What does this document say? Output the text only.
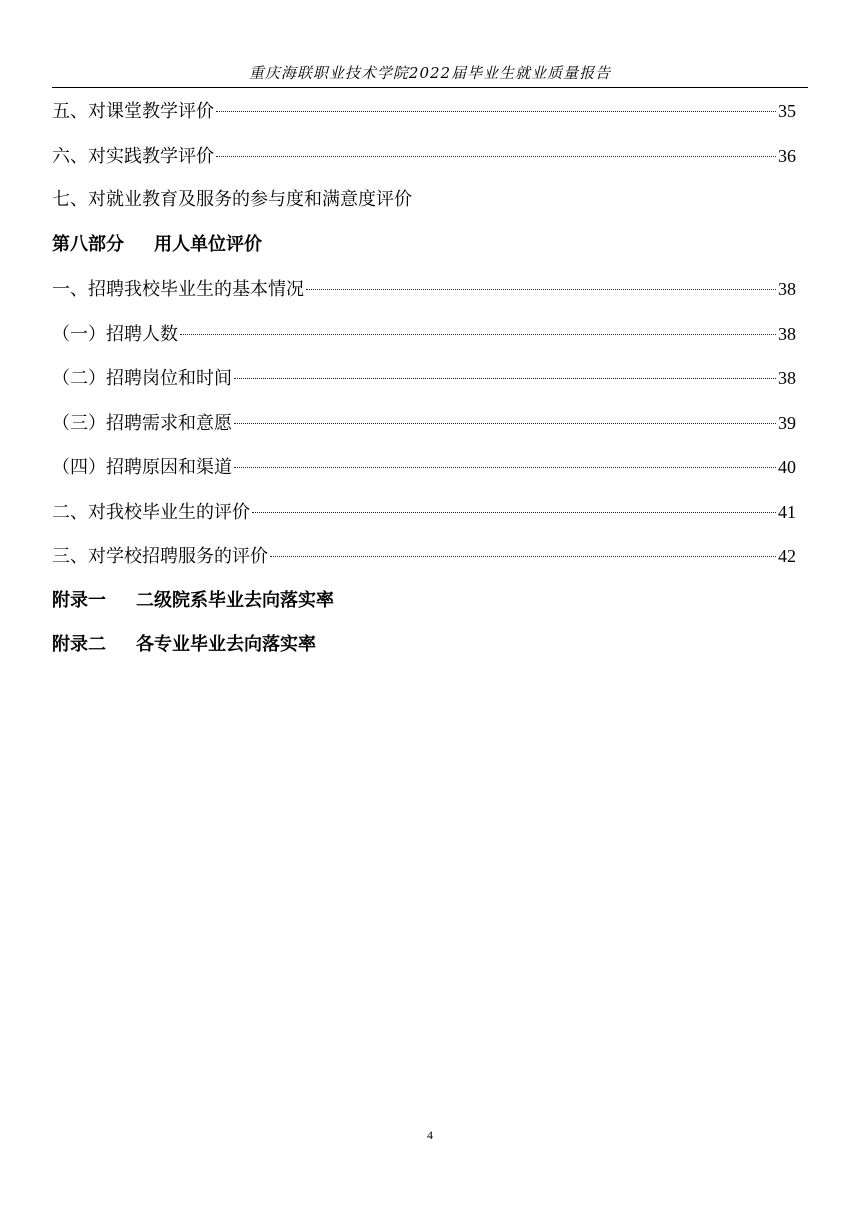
重庆海联职业技术学院2022届毕业生就业质量报告
五、对课堂教学评价	35
六、对实践教学评价	36
七、对就业教育及服务的参与度和满意度评价
第八部分 用人单位评价
一、招聘我校毕业生的基本情况	38
（一）招聘人数	38
（二）招聘岗位和时间	38
（三）招聘需求和意愿	39
（四）招聘原因和渠道	40
二、对我校毕业生的评价	41
三、对学校招聘服务的评价	42
附录一 二级院系毕业去向落实率
附录二 各专业毕业去向落实率
4
